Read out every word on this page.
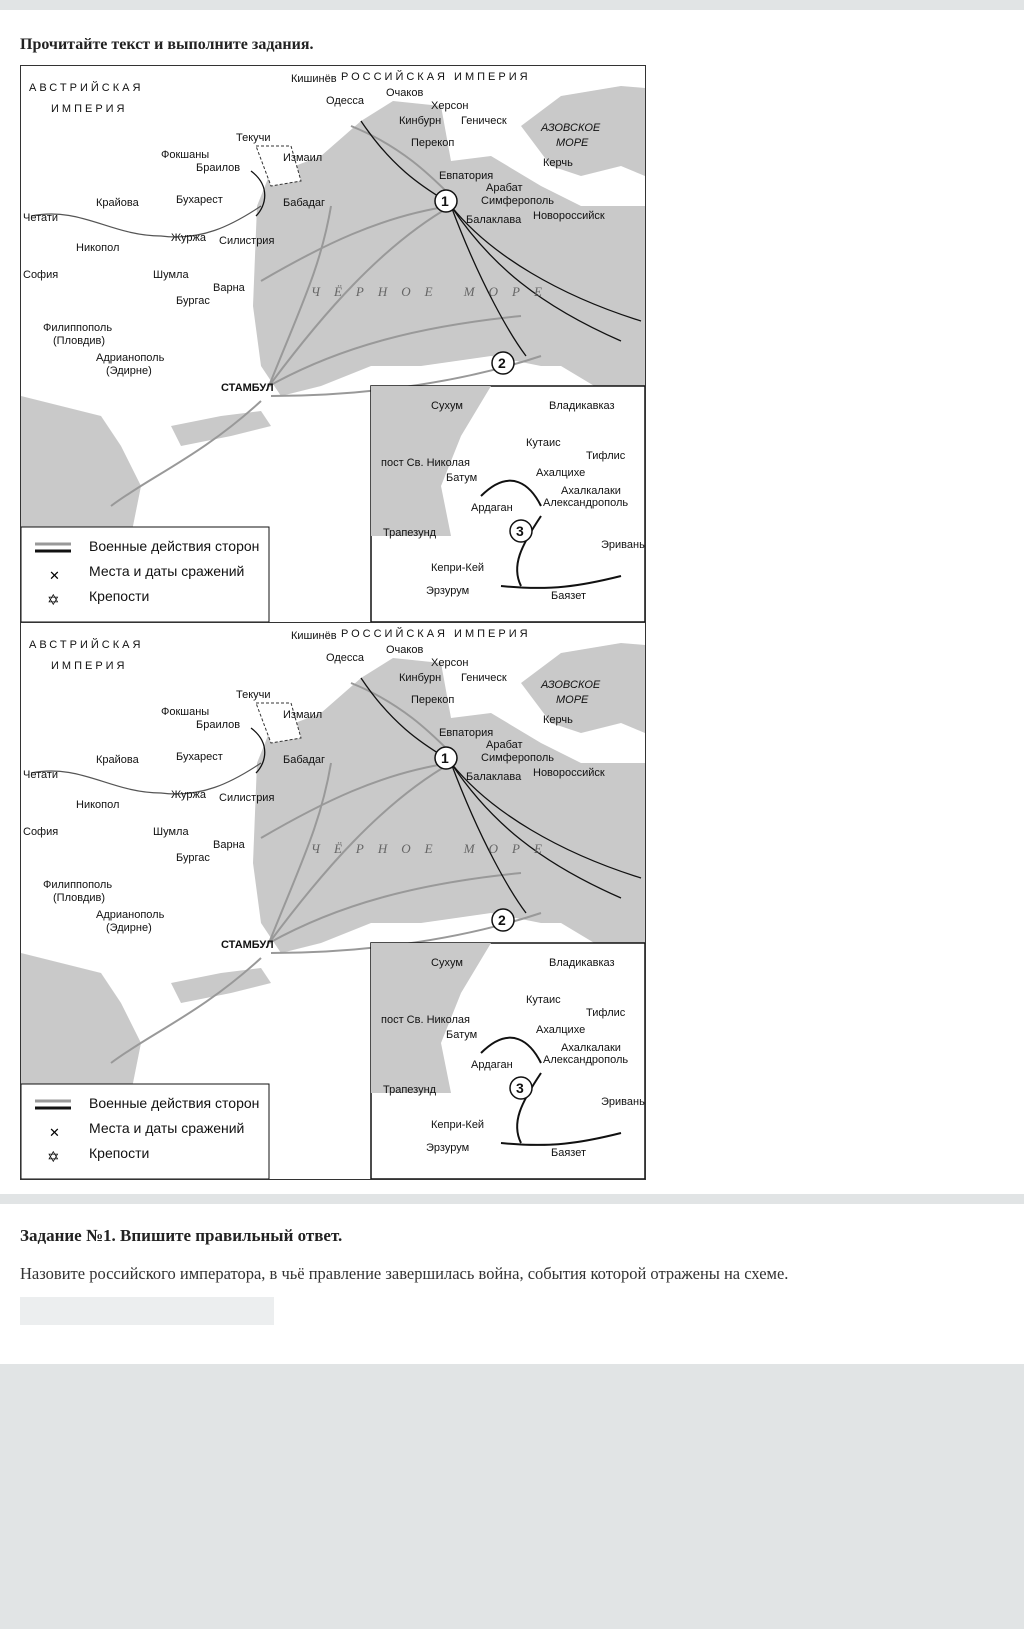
Прочитайте текст и выполните задания.
1
2
АВСТРИЙСКАЯ
ИМПЕРИЯ
РОССИЙСКАЯ ИМПЕРИЯ
ЧЁРНОЕ МОРЕ
АЗОВСКОЕ
МОРЕ
СТАМБУЛ
Кишинёв
Одесса
Очаков
Херсон
Кинбурн Геническ
Перекоп
Фокшаны
Текучи
Браилов
Измаил
Бабадаг
Крайова	Бухарест
Четати
Журжа Силистрия
Никопол
София	Шумла
Варна
Бургас
Филиппополь
(Пловдив)
Адрианополь
(Эдирне)
Евпатория
Арабат
Симферополь
Керчь
Балаклава Новороссийск
3
Сухум	Владикавказ
Кутаис
Тифлис
пост Св. Николая
Батум	Ахалцихе
Ахалкалаки
Александрополь
Ардаган
Трапезунд
Эривань
Кепри-Кей
Эрзурум	Баязет
Военные действия сторон
✕ Места и даты сражений
✡ Крепости
1
2
АВСТРИЙСКАЯ
ИМПЕРИЯ
РОССИЙСКАЯ ИМПЕРИЯ
ЧЁРНОЕ МОРЕ
АЗОВСКОЕ
МОРЕ
СТАМБУЛ
Кишинёв
Одесса
Очаков
Херсон
Кинбурн Геническ
Перекоп
Фокшаны
Текучи
Браилов
Измаил
Бабадаг
Крайова	Бухарест
Четати
Журжа Силистрия
Никопол
София	Шумла
Варна
Бургас
Филиппополь
(Пловдив)
Адрианополь
(Эдирне)
Евпатория
Арабат
Симферополь
Керчь
Балаклава Новороссийск
3
Сухум	Владикавказ
Кутаис
Тифлис
пост Св. Николая
Батум	Ахалцихе
Ахалкалаки
Александрополь
Ардаган
Трапезунд
Эривань
Кепри-Кей
Эрзурум	Баязет
Военные действия сторон
✕ Места и даты сражений
✡ Крепости
Задание №1. Впишите правильный ответ.
Назовите российского императора, в чьё правление завершилась война, события которой отражены на схеме.
